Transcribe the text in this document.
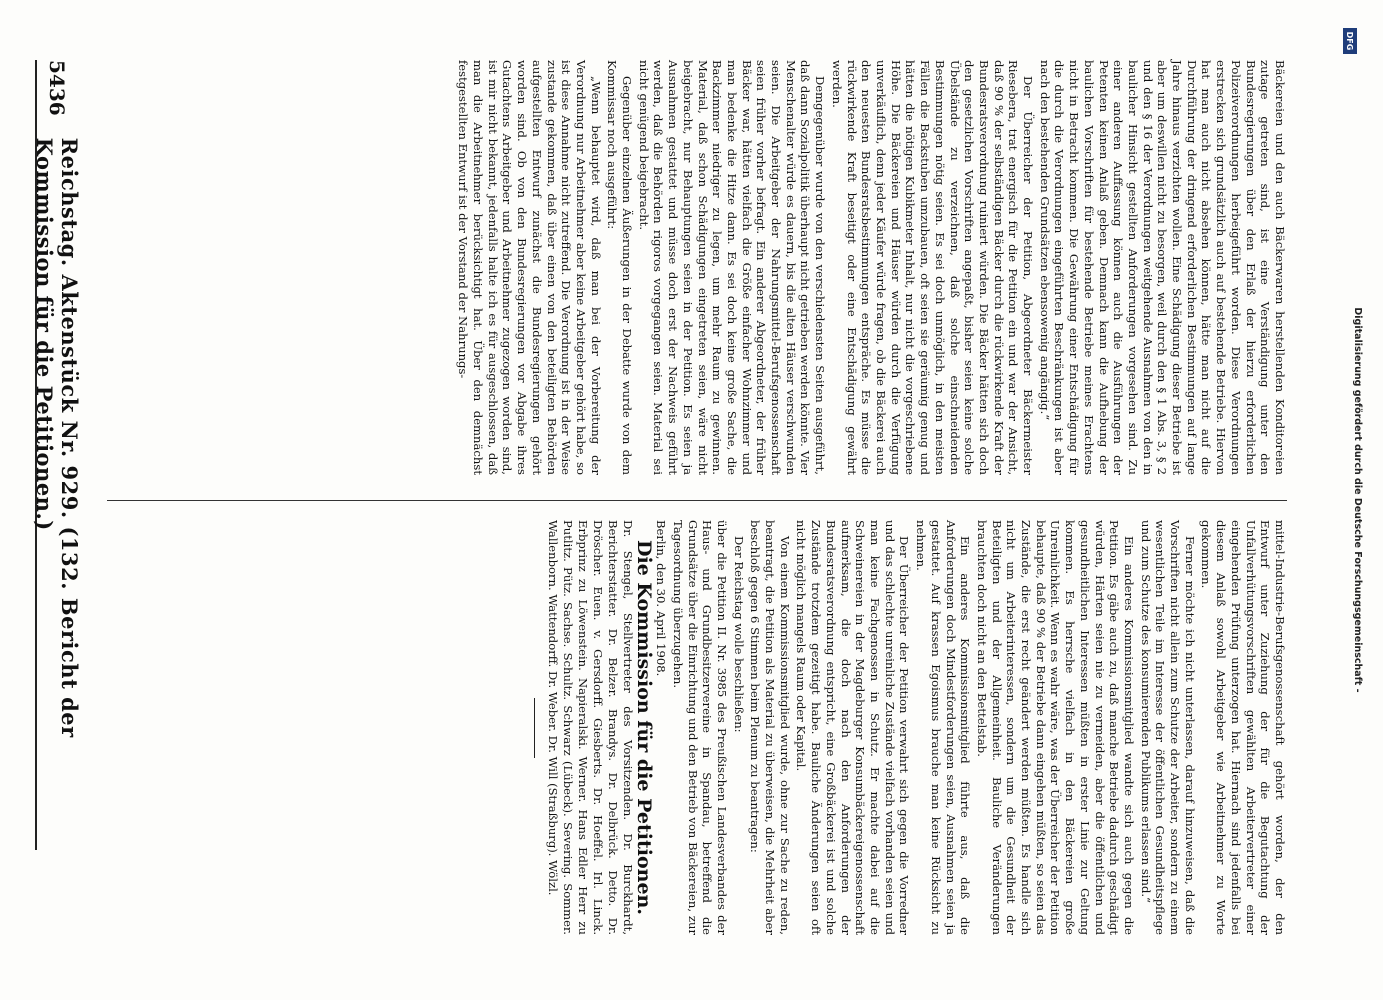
5436
Reichstag. Aktenstück Nr. 929. (132. Bericht der Kommission für die Petitionen.)	Bäckereien und den auch Bäckerwaren herstellenden Konditoreien zutage getreten sind, ist eine Verständigung unter den Bundesregierungen über den Erlaß der hierzu erforderlichen Polizeiverordnungen herbeigeführt worden. Diese Verordnungen erstrecken sich grundsätzlich auch auf bestehende Betriebe. Hiervon hat man auch nicht absehen können, hätte man nicht auf die Durchführung der dringend erforderlichen Bestimmungen auf lange Jahre hinaus verzichten wollen. Eine Schädigung dieser Betriebe ist aber um deswillen nicht zu besorgen, weil durch den § 1 Abs. 3, § 2 und den § 16 der Verordnungen weitgehende Ausnahmen von den in baulicher Hinsicht gestellten Anforderungen vorgesehen sind. Zu einer anderen Auffassung können auch die Ausführungen der Petenten keinen Anlaß geben. Demnach kann die Aufhebung der baulichen Vorschriften für bestehende Betriebe meines Erachtens nicht in Betracht kommen. Die Gewährung einer Entschädigung für die durch die Verordnungen eingeführten Beschränkungen ist aber nach den bestehenden Grundsätzen ebensowenig angängig.“

Der Überreicher der Petition, Abgeordneter Bäckermeister Riesebera, trat energisch für die Petition ein und war der Ansicht, daß 90 % der selbständigen Bäcker durch die rückwirkende Kraft der Bundesratsverordnung ruiniert würden. Die Bäcker hätten sich doch den gesetzlichen Vorschriften angepaßt, bisher seien keine solche Übelstände zu verzeichnen, daß solche einschneidenden Bestimmungen nötig seien. Es sei doch unmöglich, in den meisten Fällen die Backstuben umzubauen, oft seien sie geräumig genug und hätten die nötigen Kubikmeter Inhalt, nur nicht die vorgeschriebene Höhe. Die Bäckereien und Häuser würden durch die Verfügung unverkäuflich, denn jeder Käufer würde fragen, ob die Bäckerei auch den neuesten Bundesratsbestimmungen entspräche. Es müsse die rückwirkende Kraft beseitigt oder eine Entschädigung gewährt werden.

Demgegenüber wurde von den verschiedensten Seiten ausgeführt, daß dann Sozialpolitik überhaupt nicht getrieben werden könnte. Vier Menschenalter würde es dauern, bis die alten Häuser verschwunden seien. Die Arbeitgeber der Nahrungsmittel-Berufsgenossenschaft seien früher vorher befragt. Ein anderer Abgeordneter, der früher Bäcker war, hätten vielfach die Größe einfacher Wohnzimmer und man bedenke die Hitze dann. Es sei doch keine große Sache, die Backzimmer niedriger zu legen, um mehr Raum zu gewinnen. Material, daß schon Schädigungen eingetreten seien, wäre nicht beigebracht, nur Behauptungen seien in der Petition. Es seien ja Ausnahmen gestattet und müsse doch erst der Nachweis geführt werden, daß die Behörden rigoros vorgegangen seien. Material sei nicht genügend beigebracht.

Gegenüber einzelnen Äußerungen in der Debatte wurde von dem Kommissar noch ausgeführt:

„Wenn behauptet wird, daß man bei der Vorbereitung der Verordnung nur Arbeitnehmer aber keine Arbeitgeber gehört habe, so ist diese Annahme nicht zutreffend. Die Verordnung ist in der Weise zustande gekommen, daß über einen von den beteiligten Behörden aufgestellten Entwurf zunächst die Bundesregierungen gehört worden sind. Ob von den Bundesregierungen vor Abgabe ihres Gutachtens Arbeitgeber und Arbeitnehmer zugezogen worden sind, ist mir nicht bekannt, jedenfalls halte ich es für ausgeschlossen, daß man die Arbeitnehmer berücksichtigt hat. Über den demnächst festgestellten Entwurf ist der Vorstand der Nahrungs-

mittel-Industrie-Berufsgenossenschaft gehört worden, der den Entwurf unter Zuziehung der für die Begutachtung der Unfallverhütungsvorschriften gewählten Arbeitervertreter einer eingehenden Prüfung unterzogen hat. Hiernach sind jedenfalls bei diesem Anlaß sowohl Arbeitgeber wie Arbeitnehmer zu Worte gekommen.

Ferner möchte ich nicht unterlassen, darauf hinzuweisen, daß die Vorschriften nicht allein zum Schutze der Arbeiter, sondern zu einem wesentlichen Teile im Interesse der öffentlichen Gesundheitspflege und zum Schutze des konsumierenden Publikums erlassen sind.“

Ein anderes Kommissionsmitglied wandte sich auch gegen die Petition. Es gäbe auch zu, daß manche Betriebe dadurch geschädigt würden, Härten seien nie zu vermeiden, aber die öffentlichen und gesundheitlichen Interessen müßten in erster Linie zur Geltung kommen. Es herrsche vielfach in den Bäckereien große Unreinlichkeit. Wenn es wahr wäre, was der Überreicher der Petition behaupte, daß 90 % der Betriebe dann eingehen müßten, so seien das Zustände, die erst recht geändert werden müßten. Es handle sich nicht um Arbeiterinteressen, sondern um die Gesundheit der Beteiligten und der Allgemeinheit. Bauliche Veränderungen brauchten doch nicht an den Bettelstab.

Ein anderes Kommissionsmitglied führte aus, daß die Anforderungen doch Mindestforderungen seien, Ausnahmen seien ja gestattet. Auf krassen Egoismus brauche man keine Rücksicht zu nehmen.

Der Überreicher der Petition verwahrt sich gegen die Vorredner und das schlechte unreinliche Zustände vielfach vorhanden seien und man keine Fachgenossen in Schutz. Er machte dabei auf die Schweinereien in der Magdeburger Konsumbäckereigenossenschaft aufmerksam, die doch nach den Anforderungen der Bundesratsverordnung entspricht, eine Großbäckerei ist und solche Zustände trotzdem gezeitigt habe. Bauliche Änderungen seien oft nicht möglich mangels Raum oder Kapital.

Von einem Kommissionsmitglied wurde, ohne zur Sache zu reden, beantragt, die Petition als Material zu überweisen, die Mehrheit aber beschloß gegen 6 Stimmen beim Plenum zu beantragen:

Der Reichstag wolle beschließen:

über die Petition II. Nr. 3985 des Preußischen Landesverbandes der Haus- und Grundbesitzervereine in Spandau, betreffend die Grundsätze über die Einrichtung und den Betrieb von Bäckereien, zur Tagesordnung überzugehen.

Berlin, den 30. April 1908.

Die Kommission für die Petitionen.

Dr. Stengel, Stellvertreter des Vorsitzenden. Dr. Burckhardt, Berichterstatter. Dr. Belzer. Brandys. Dr. Delbrück. Detto. Dr. Dröscher. Euen. v. Gersdorff. Giesberts. Dr. Hoeffel. Irl. Linck. Erbprinz zu Löwenstein. Napieralski. Werner. Hans Edler Herr zu Putlitz. Pütz. Sachse. Schultz. Schwarz (Lübeck). Severing. Sommer. Wallenborn. Wattendorff. Dr. Weber. Dr. Will (Straßburg). Wölzl.

DFG
Digitalisierung gefördert durch die Deutsche Forschungsgemeinschaft -
